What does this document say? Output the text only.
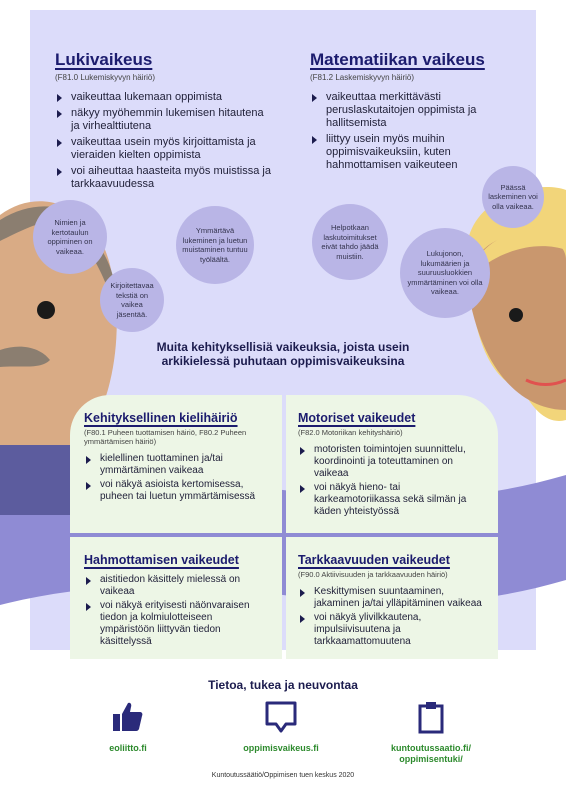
Lukivaikeus
(F81.0 Lukemiskyvyn häiriö)
vaikeuttaa lukemaan oppimista
näkyy myöhemmin lukemisen hitautena ja virhealttiutena
vaikeuttaa usein myös kirjoittamista ja vieraiden kielten oppimista
voi aiheuttaa haasteita myös muistissa ja tarkkaavuudessa
Matematiikan vaikeus
(F81.2 Laskemiskyvyn häiriö)
vaikeuttaa merkittävästi peruslaskutaitojen oppimista ja hallitsemista
liittyy usein myös muihin oppimisvaikeuksiin, kuten hahmottamisen vaikeuteen
Nimien ja kertotaulun oppiminen on vaikeaa.
Kirjoitettavaa tekstiä on vaikea jäsentää.
Ymmärtävä lukeminen ja luetun muistaminen tuntuu työläältä.
Helpotkaan laskutoimitukset eivät tahdo jäädä muistiin.
Päässä laskeminen voi olla vaikeaa.
Lukujonon, lukumäärien ja suuruusluokkien ymmärtäminen voi olla vaikeaa.
Muita kehityksellisiä vaikeuksia, joista usein arkikielessä puhutaan oppimisvaikeuksina
Kehityksellinen kielihäiriö
(F80.1 Puheen tuottamisen häiriö, F80.2 Puheen ymmärtämisen häiriö)
kielellinen tuottaminen ja/tai ymmärtäminen vaikeaa
voi näkyä asioista kertomisessa, puheen tai luetun ymmärtämisessä
Motoriset vaikeudet
(F82.0 Motoriikan kehityshäiriö)
motoristen toimintojen suunnittelu, koordinointi ja toteuttaminen on vaikeaa
voi näkyä hieno- tai karkeamotoriikassa sekä silmän ja käden yhteistyössä
Hahmottamisen vaikeudet
aistitiedon käsittely mielessä on vaikeaa
voi näkyä erityisesti näönvaraisen tiedon ja kolmiulotteiseen ympäristöön liittyvän tiedon käsittelyssä
Tarkkaavuuden vaikeudet
(F90.0 Aktiivisuuden ja tarkkaavuuden häiriö)
Keskittymisen suuntaaminen, jakaminen ja/tai ylläpitäminen vaikeaa
voi näkyä ylivilkkautena, impulsiivisuutena ja tarkkaamattomuutena
Tietoa, tukea ja neuvontaa
eoliitto.fi	oppimisvaikeus.fi	kuntoutussaatio.fi/ oppimisentuki/
Kuntoutussäätiö/Oppimisen tuen keskus 2020
